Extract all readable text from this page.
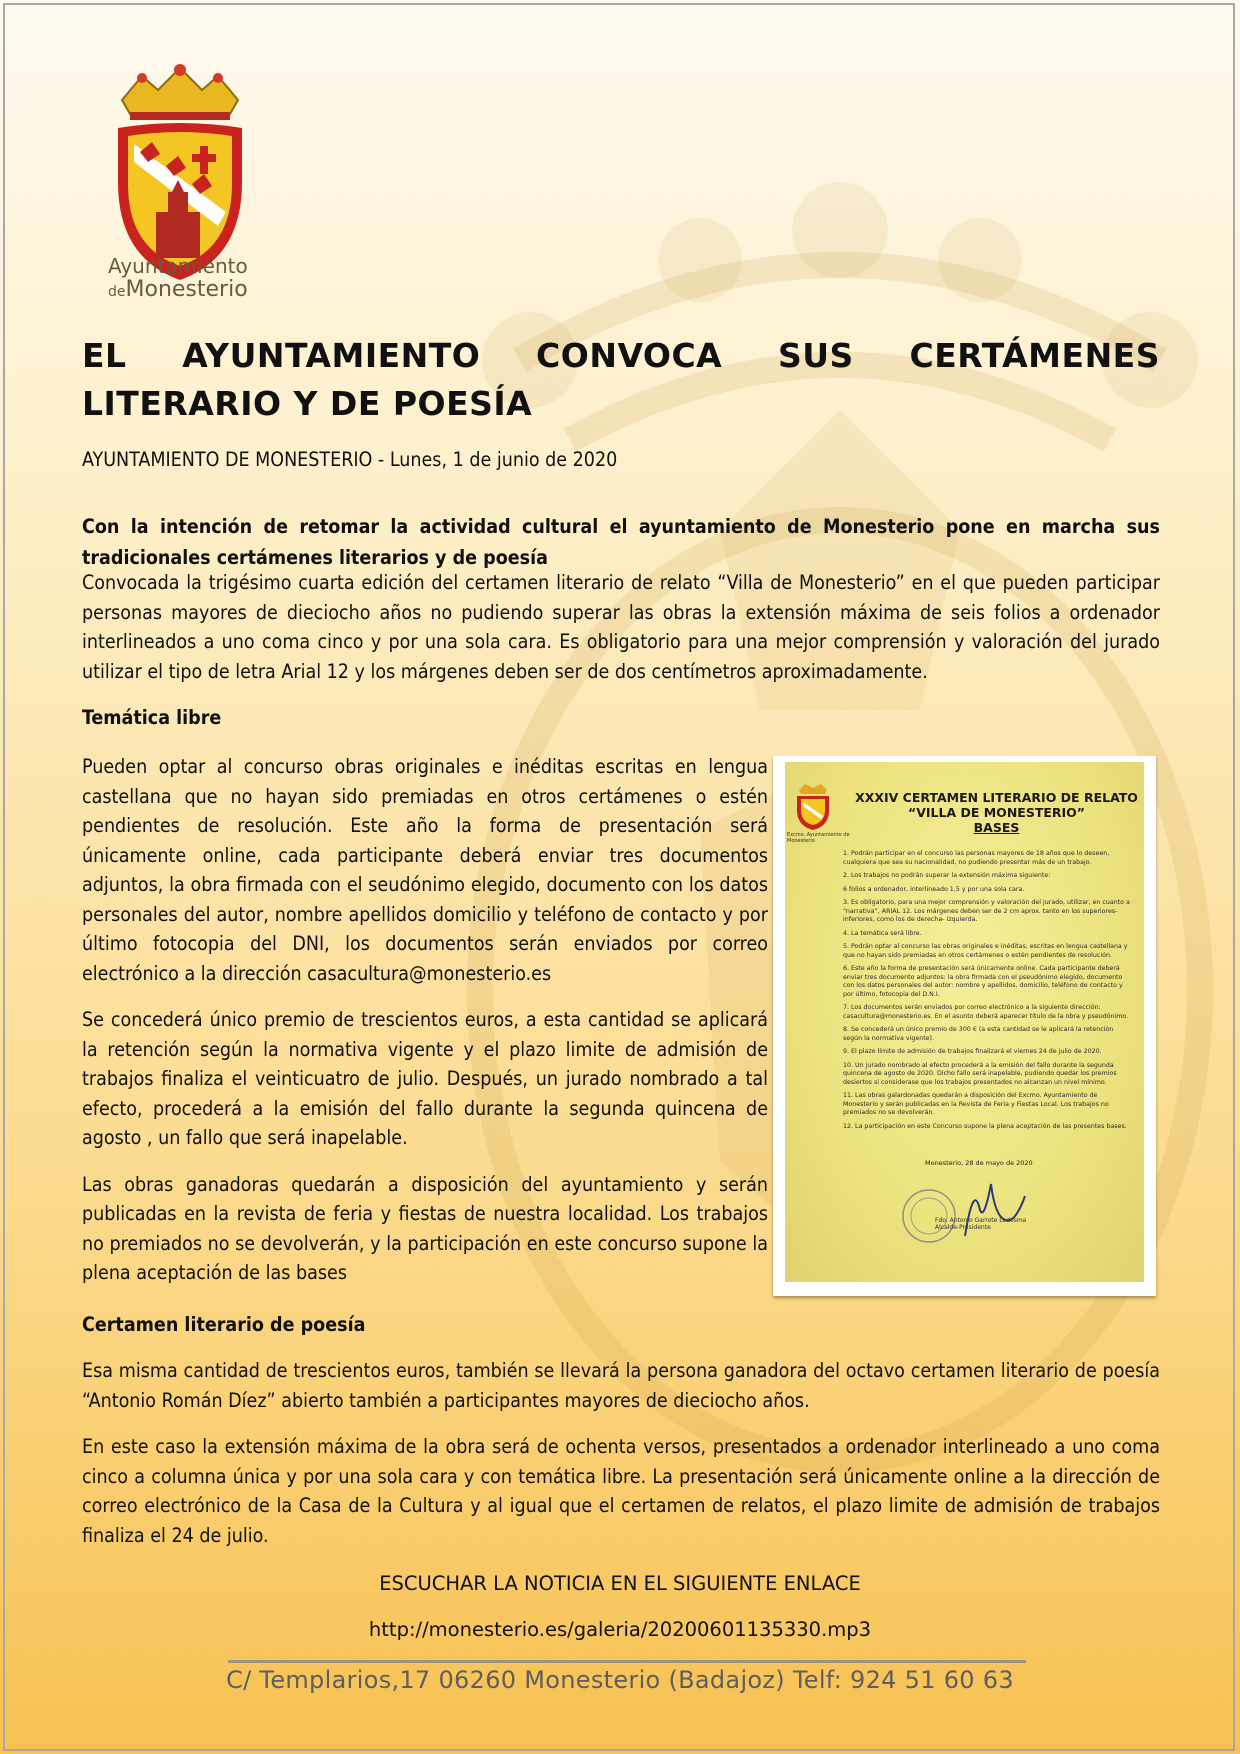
Ayuntamiento
deMonesterio
EL AYUNTAMIENTO CONVOCA SUS CERTÁMENES LITERARIO Y DE POESÍA
AYUNTAMIENTO DE MONESTERIO - Lunes, 1 de junio de 2020

Con la intención de retomar la actividad cultural el ayuntamiento de Monesterio pone en marcha sus tradicionales certámenes literarios y de poesía

Convocada la trigésimo cuarta edición del certamen literario de relato “Villa de Monesterio” en el que pueden participar personas mayores de dieciocho años no pudiendo superar las obras la extensión máxima de seis folios a ordenador interlineados a uno coma cinco y por una sola cara. Es obligatorio para una mejor comprensión y valoración del jurado utilizar el tipo de letra Arial 12 y los márgenes deben ser de dos centímetros aproximadamente.

Temática libre

Pueden optar al concurso obras originales e inéditas escritas en lengua castellana que no hayan sido premiadas en otros certámenes o estén pendientes de resolución. Este año la forma de presentación será únicamente online, cada participante deberá enviar tres documentos adjuntos, la obra firmada con el seudónimo elegido, documento con los datos personales del autor, nombre apellidos domicilio y teléfono de contacto y por último fotocopia del DNI, los documentos serán enviados por correo electrónico a la dirección casacultura@monesterio.es

Se concederá único premio de trescientos euros, a esta cantidad se aplicará la retención según la normativa vigente y el plazo limite de admisión de trabajos finaliza el veinticuatro de julio. Después, un jurado nombrado a tal efecto, procederá a la emisión del fallo durante la segunda quincena de agosto , un fallo que será inapelable.

Las obras ganadoras quedarán a disposición del ayuntamiento y serán publicadas en la revista de feria y fiestas de nuestra localidad. Los trabajos no premiados no se devolverán, y la participación en este concurso supone la plena aceptación de las bases

Excmo. Ayuntamiento de Monesterio
XXXIV CERTAMEN LITERARIO DE RELATO
“VILLA DE MONESTERIO”
BASES
1. Podrán participar en el concurso las personas mayores de 18 años que lo deseen, cualquiera que sea su nacionalidad, no pudiendo presentar más de un trabajo.
2. Los trabajos no podrán superar la extensión máxima siguiente:
6 folios a ordenador, interlineado 1,5 y por una sola cara.
3. Es obligatorio, para una mejor comprensión y valoración del jurado, utilizar, en cuanto a “narrativa”, ARIAL 12. Los márgenes deben ser de 2 cm aprox. tanto en los superiores-inferiores, como los de derecha- izquierda.
4. La temática será libre.
5. Podrán optar al concurso las obras originales e inéditas, escritas en lengua castellana y que no hayan sido premiadas en otros certámenes o estén pendientes de resolución.
6. Este año la forma de presentación será únicamente online. Cada participante deberá enviar tres documento adjuntos: la obra firmada con el pseudónimo elegido, documento con los datos personales del autor: nombre y apellidos, domicilio, teléfono de contacto y por último, fotocopia del D.N.I.
7. Los documentos serán enviados por correo electrónico a la siguiente dirección: casacultura@monesterio.es. En el asunto deberá aparecer título de la obra y pseudónimo.
8. Se concederá un único premio de 300 € (a esta cantidad se le aplicará la retención según la normativa vigente).
9. El plazo límite de admisión de trabajos finalizará el viernes 24 de julio de 2020.
10. Un jurado nombrado al efecto procederá a la emisión del fallo durante la segunda quincena de agosto de 2020. Dicho fallo será inapelable, pudiendo quedar los premios desiertos si considerase que los trabajos presentados no alcanzan un nivel mínimo.
11. Las obras galardonadas quedarán a disposición del Excmo. Ayuntamiento de Monesterio y serán publicadas en la Revista de Feria y Fiestas Local. Los trabajos no premiados no se devolverán.
12. La participación en este Concurso supone la plena aceptación de las presentes bases.
Monesterio, 28 de mayo de 2020
Fdo. Antonio Garrote Ledesma
Alcalde-Presidente
Certamen literario de poesía

Esa misma cantidad de trescientos euros, también se llevará la persona ganadora del octavo certamen literario de poesía “Antonio Román Díez” abierto también a participantes mayores de dieciocho años.

En este caso la extensión máxima de la obra será de ochenta versos, presentados a ordenador interlineado a uno coma cinco a columna única y por una sola cara y con temática libre. La presentación será únicamente online a la dirección de correo electrónico de la Casa de la Cultura y al igual que el certamen de relatos, el plazo limite de admisión de trabajos finaliza el 24 de julio.

ESCUCHAR LA NOTICIA EN EL SIGUIENTE ENLACE
http://monesterio.es/galeria/20200601135330.mp3
C/ Templarios,17 06260 Monesterio (Badajoz) Telf: 924 51 60 63
